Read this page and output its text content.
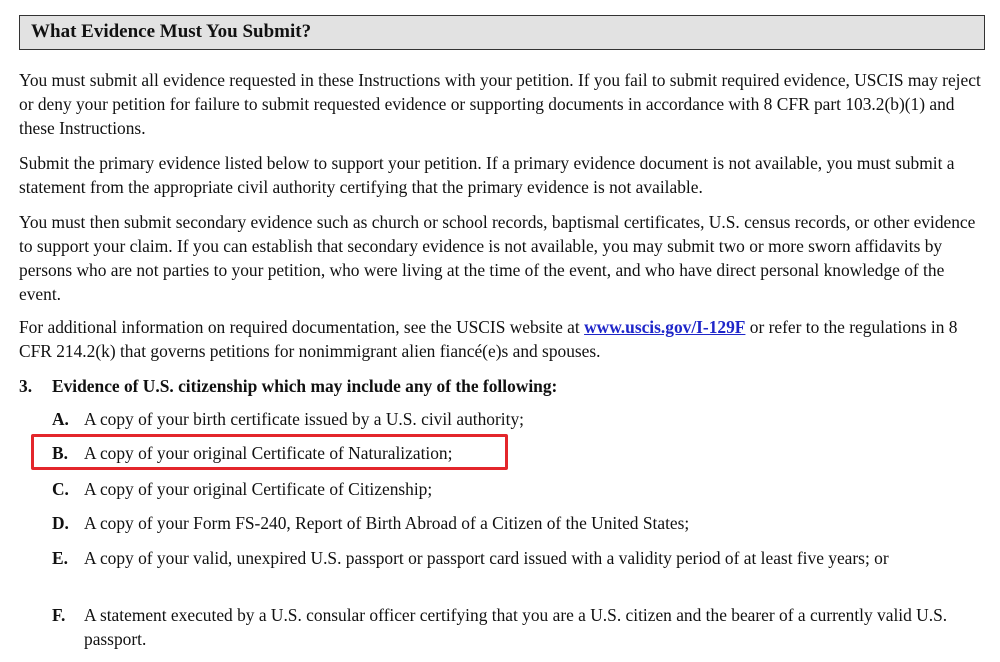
What Evidence Must You Submit?

You must submit all evidence requested in these Instructions with your petition. If you fail to submit required evidence, USCIS may reject or deny your petition for failure to submit requested evidence or supporting documents in accordance with 8 CFR part 103.2(b)(1) and these Instructions.

Submit the primary evidence listed below to support your petition. If a primary evidence document is not available, you must submit a statement from the appropriate civil authority certifying that the primary evidence is not available.

You must then submit secondary evidence such as church or school records, baptismal certificates, U.S. census records, or other evidence to support your claim. If you can establish that secondary evidence is not available, you may submit two or more sworn affidavits by persons who are not parties to your petition, who were living at the time of the event, and who have direct personal knowledge of the event.

For additional information on required documentation, see the USCIS website at www.uscis.gov/I-129F or refer to the regulations in 8 CFR 214.2(k) that governs petitions for nonimmigrant alien fiancé(e)s and spouses.

3. Evidence of U.S. citizenship which may include any of the following:
A. A copy of your birth certificate issued by a U.S. civil authority;
B. A copy of your original Certificate of Naturalization;
C. A copy of your original Certificate of Citizenship;
D. A copy of your Form FS-240, Report of Birth Abroad of a Citizen of the United States;
E. A copy of your valid, unexpired U.S. passport or passport card issued with a validity period of at least five years; or
F.	A statement executed by a U.S. consular officer certifying that you are a U.S. citizen and the bearer of a currently valid U.S. passport.
